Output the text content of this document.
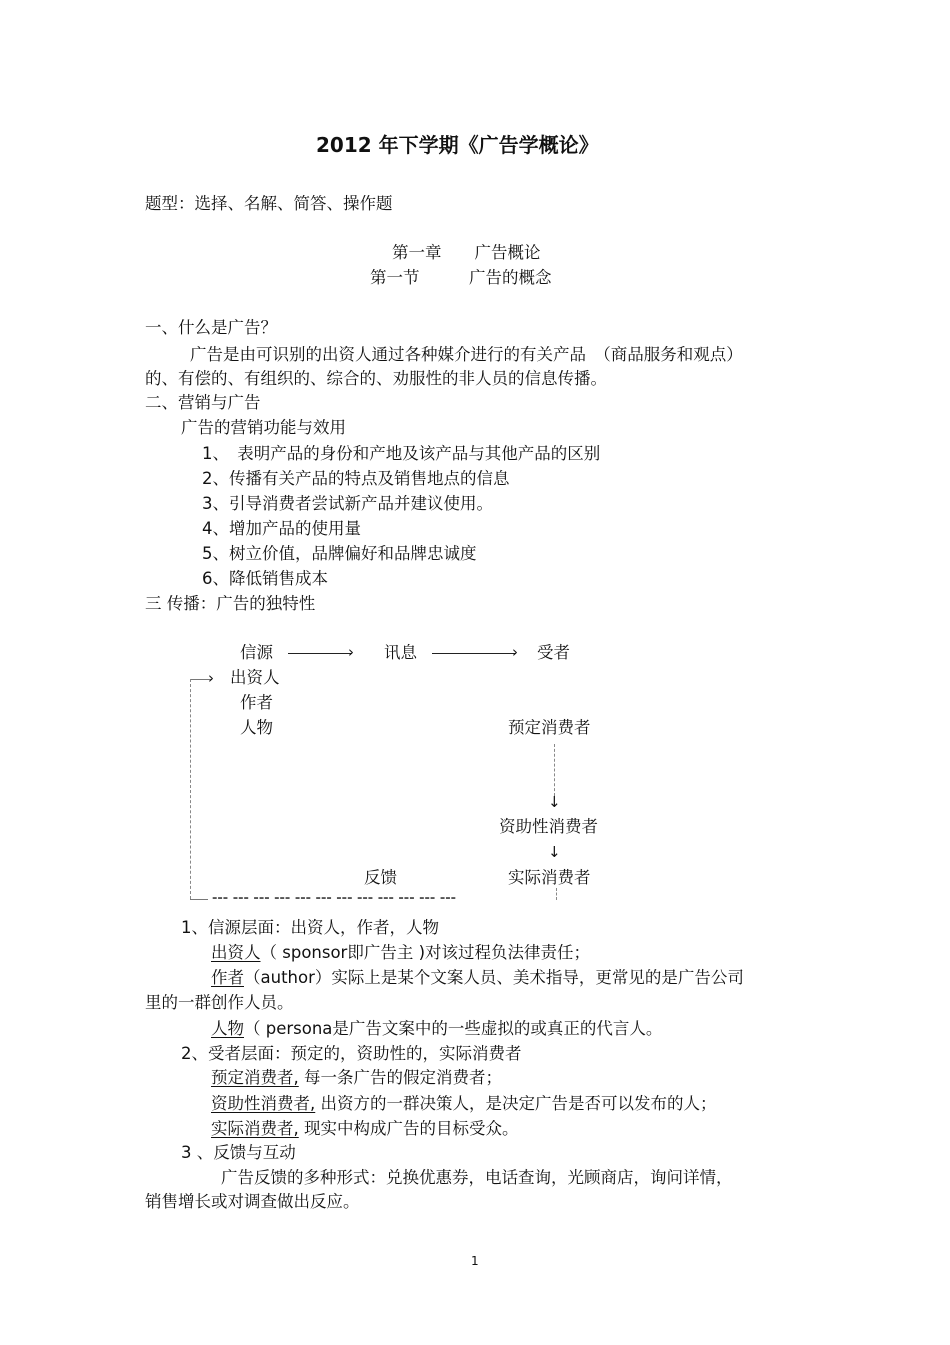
2012 年下学期《广告学概论》
题型：选择、名解、简答、操作题
第一章　　广告概论
第一节　　　广告的概念
一、什么是广告？
广告是由可识别的出资人通过各种媒介进行的有关产品　（商品服务和观点）
的、有偿的、有组织的、综合的、劝服性的非人员的信息传播。
二、营销与广告
广告的营销功能与效用
1、　表明产品的身份和产地及该产品与其他产品的区别
2、传播有关产品的特点及销售地点的信息
3、引导消费者尝试新产品并建议使用。
4、增加产品的使用量
5、树立价值，品牌偏好和品牌忠诚度
6、降低销售成本
三 传播：广告的独特性
信源	› 讯息	› 受者
› 出资人
作者
人物	预定消费者
↓
资助性消费者
↓
反馈	实际消费者
--- --- --- --- --- --- --- --- --- --- --- ---
1、信源层面：出资人，作者，人物
出资人（ sponsor即广告主 )对该过程负法律责任；
作者（author）实际上是某个文案人员、美术指导，更常见的是广告公司
里的一群创作人员。
人物（ persona是广告文案中的一些虚拟的或真正的代言人。
2、受者层面：预定的，资助性的，实际消费者
预定消费者, 每一条广告的假定消费者；
资助性消费者, 出资方的一群决策人，是决定广告是否可以发布的人；
实际消费者, 现实中构成广告的目标受众。
3 、反馈与互动
广告反馈的多种形式：兑换优惠券，电话查询，光顾商店，询问详情，
销售增长或对调查做出反应。
1
